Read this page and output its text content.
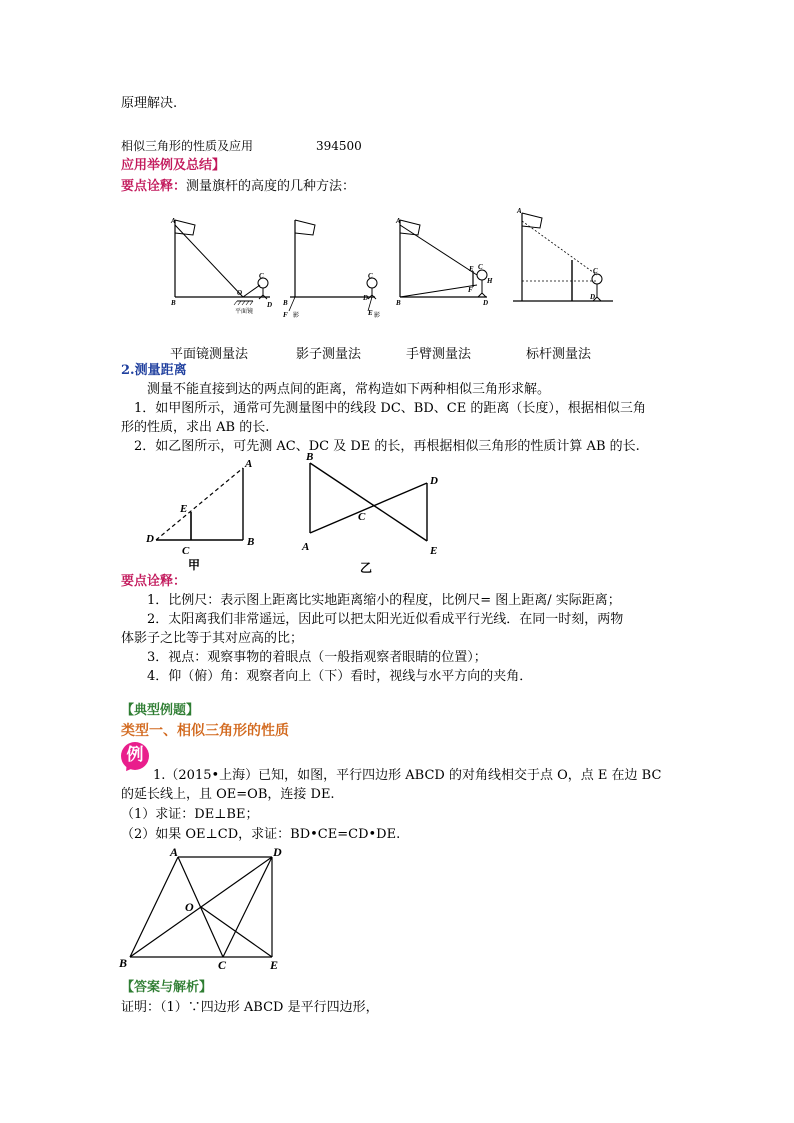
原理解决.
相似三角形的性质及应用	394500
应用举例及总结】
要点诠释：测量旗杆的高度的几种方法：
A
B
O
C
D
平面镜
B
F
C
D
E
影	影
A
B
E C
H
F
D
A
C
D
平面镜测量法	影子测量法	手臂测量法	标杆测量法
2.测量距离
测量不能直接到达的两点间的距离，常构造如下两种相似三角形求解。
1．如甲图所示，通常可先测量图中的线段 DC、BD、CE 的距离（长度），根据相似三角
形的性质，求出 AB 的长.
2．如乙图所示，可先测 AC、DC 及 DE 的长，再根据相似三角形的性质计算 AB 的长.
A
B
D
E
C
甲
B
A
C
D
E
乙
要点诠释：
1．比例尺：表示图上距离比实地距离缩小的程度，比例尺= 图上距离/ 实际距离；
2．太阳离我们非常遥远，因此可以把太阳光近似看成平行光线．在同一时刻，两物
体影子之比等于其对应高的比；
3．视点：观察事物的着眼点（一般指观察者眼睛的位置）；
4．仰（俯）角：观察者向上（下）看时，视线与水平方向的夹角．
【典型例题】
类型一、相似三角形的性质
例
1.（2015•上海）已知，如图，平行四边形 ABCD 的对角线相交于点 O，点 E 在边 BC
的延长线上，且 OE=OB，连接 DE.
（1）求证：DE⊥BE；
（2）如果 OE⊥CD，求证：BD•CE=CD•DE.
A	D
B	C	E
O
【答案与解析】
证明：（1）∵四边形 ABCD 是平行四边形，
